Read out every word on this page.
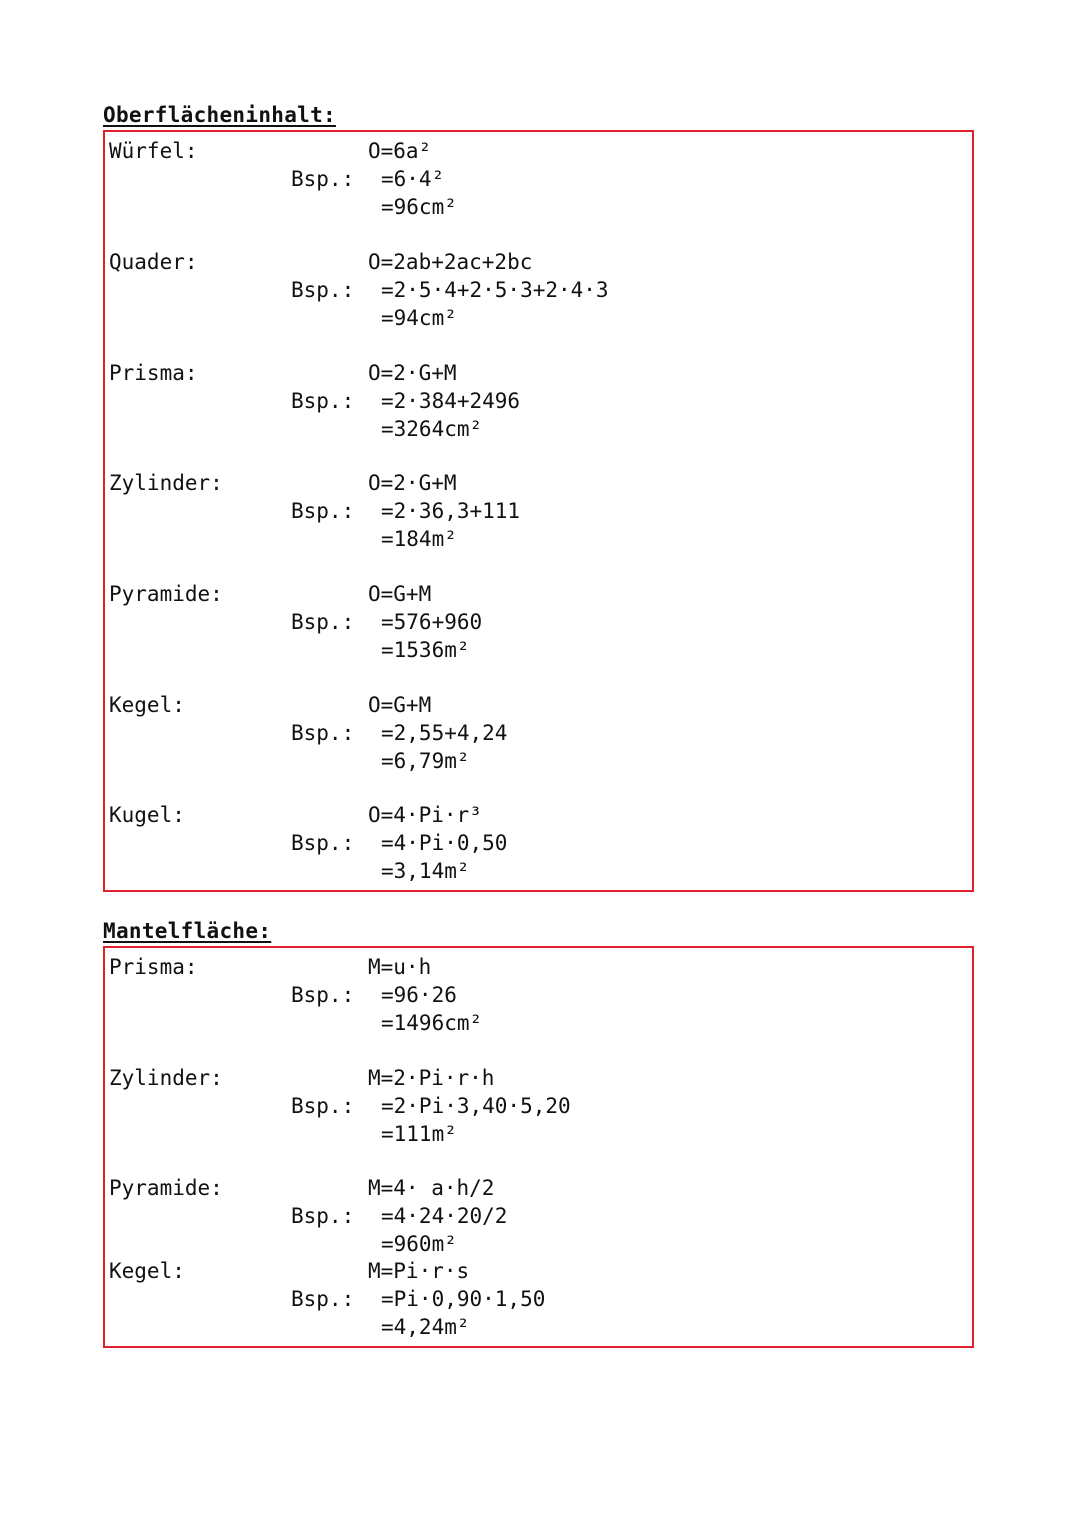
Oberflächeninhalt:
Würfel:
Bsp.:
O=6a²
=6·4²
=96cm²
Quader:
Bsp.:
O=2ab+2ac+2bc
=2·5·4+2·5·3+2·4·3
=94cm²
Prisma:
Bsp.:
O=2·G+M
=2·384+2496
=3264cm²
Zylinder:
Bsp.:
O=2·G+M
=2·36,3+111
=184m²
Pyramide:
Bsp.:
O=G+M
=576+960
=1536m²
Kegel:
Bsp.:
O=G+M
=2,55+4,24
=6,79m²
Kugel:
Bsp.:
O=4·Pi·r³
=4·Pi·0,50
=3,14m²
Mantelfläche:
Prisma:
Bsp.:
M=u·h
=96·26
=1496cm²
Zylinder:
Bsp.:
M=2·Pi·r·h
=2·Pi·3,40·5,20
=111m²
Pyramide:
Bsp.:
M=4· a·h/2
=4·24·20/2
=960m²
Kegel:
Bsp.:
M=Pi·r·s
=Pi·0,90·1,50
=4,24m²
